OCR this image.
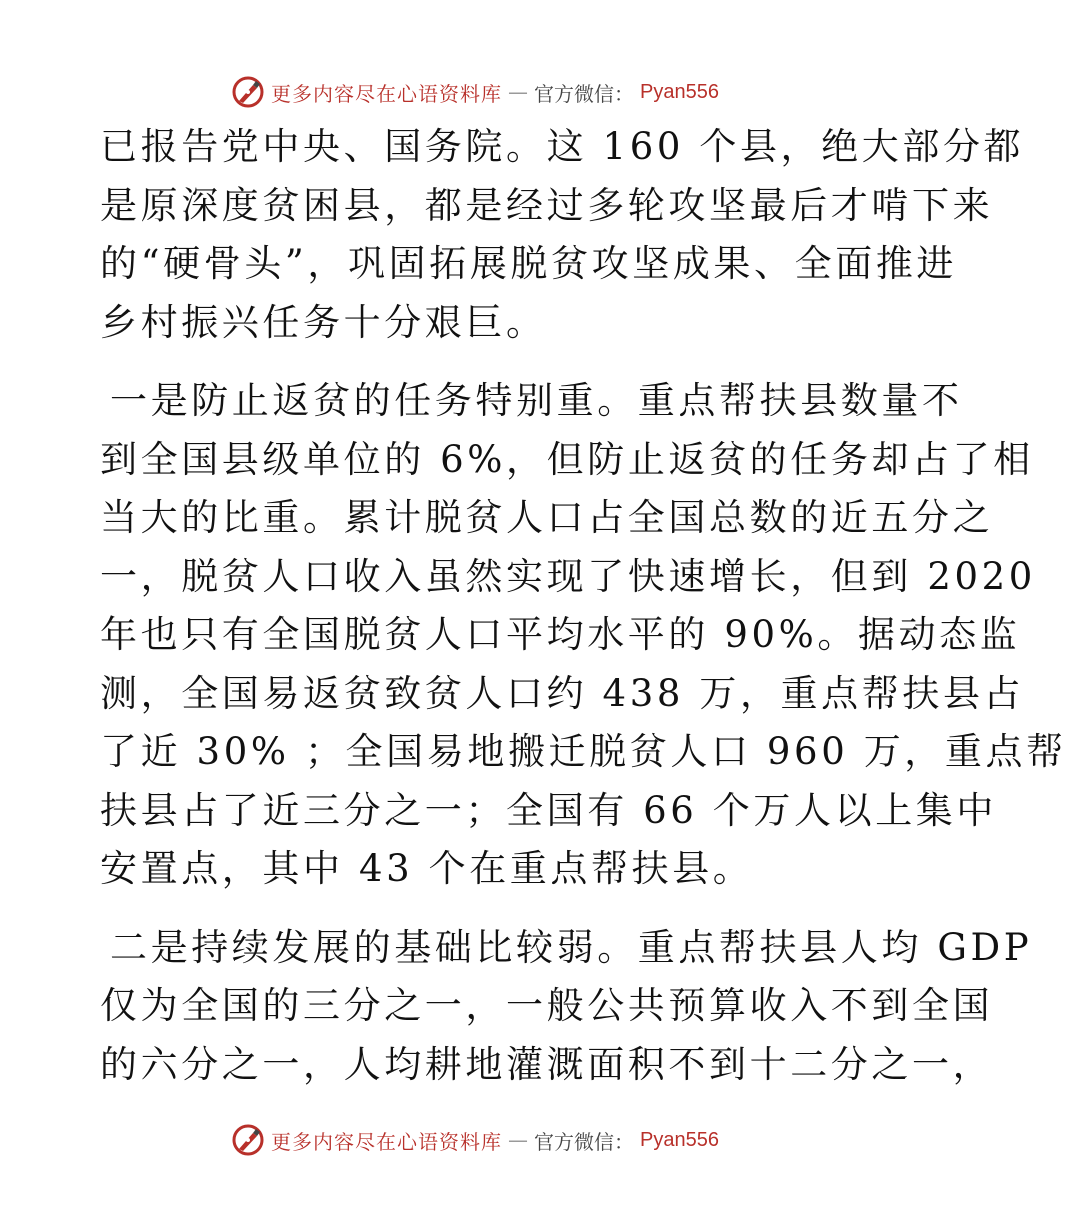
更多内容尽在心语资料库 — 官方微信： Pyan556
已报告党中央、国务院。这 160 个县，绝大部分都
是原深度贫困县，都是经过多轮攻坚最后才啃下来
的“硬骨头”，巩固拓展脱贫攻坚成果、全面推进
乡村振兴任务十分艰巨。
一是防止返贫的任务特别重。重点帮扶县数量不
到全国县级单位的 6%，但防止返贫的任务却占了相
当大的比重。累计脱贫人口占全国总数的近五分之
一，脱贫人口收入虽然实现了快速增长，但到 2020
年也只有全国脱贫人口平均水平的 90%。据动态监
测，全国易返贫致贫人口约 438 万，重点帮扶县占
了近 30% ；全国易地搬迁脱贫人口 960 万，重点帮
扶县占了近三分之一；全国有 66 个万人以上集中
安置点，其中 43 个在重点帮扶县。
二是持续发展的基础比较弱。重点帮扶县人均 GDP
仅为全国的三分之一，一般公共预算收入不到全国
的六分之一，人均耕地灌溉面积不到十二分之一，
更多内容尽在心语资料库 — 官方微信： Pyan556
